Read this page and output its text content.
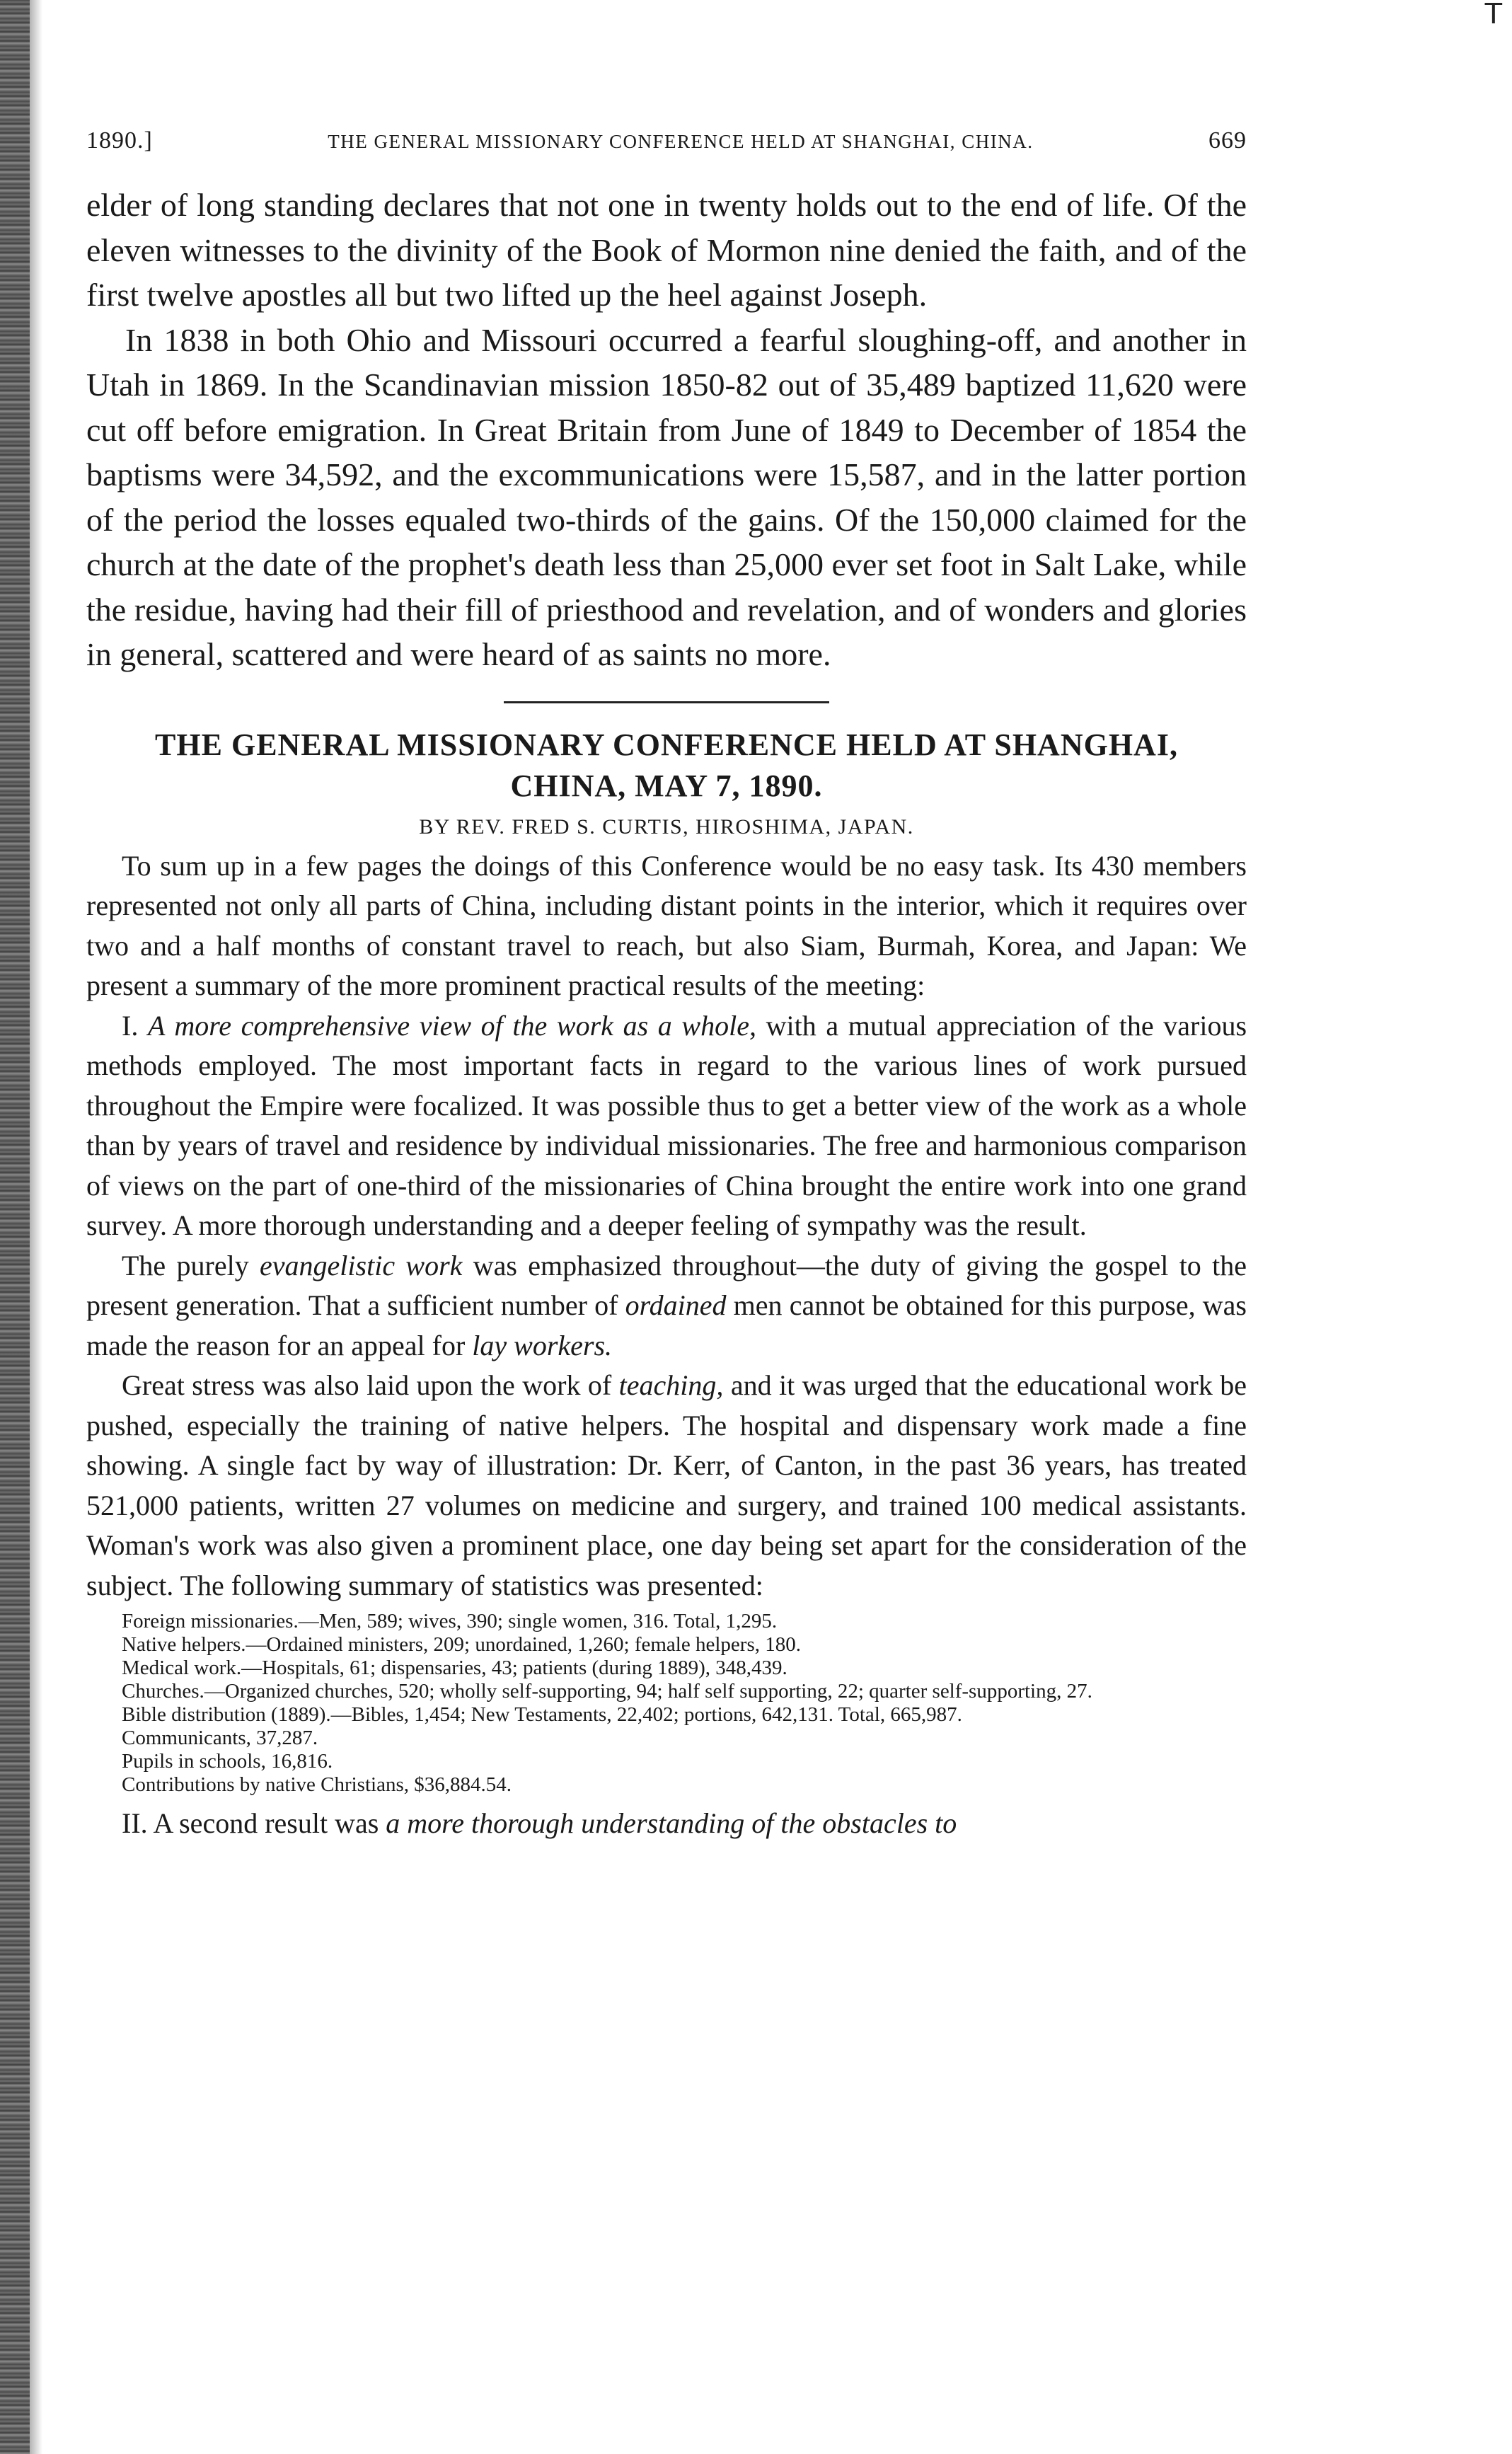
ꓔ
1890.]	THE GENERAL MISSIONARY CONFERENCE HELD AT SHANGHAI, CHINA.	669

elder of long standing declares that not one in twenty holds out to the end of life. Of the eleven witnesses to the divinity of the Book of Mormon nine denied the faith, and of the first twelve apostles all but two lifted up the heel against Joseph.

In 1838 in both Ohio and Missouri occurred a fearful sloughing-off, and another in Utah in 1869. In the Scandinavian mission 1850-82 out of 35,489 baptized 11,620 were cut off before emigration. In Great Britain from June of 1849 to December of 1854 the baptisms were 34,592, and the excommunications were 15,587, and in the latter portion of the period the losses equaled two-thirds of the gains. Of the 150,000 claimed for the church at the date of the prophet's death less than 25,000 ever set foot in Salt Lake, while the residue, having had their fill of priesthood and revelation, and of wonders and glories in general, scattered and were heard of as saints no more.

THE GENERAL MISSIONARY CONFERENCE HELD AT SHANGHAI,
CHINA, MAY 7, 1890.
BY REV. FRED S. CURTIS, HIROSHIMA, JAPAN.

To sum up in a few pages the doings of this Conference would be no easy task. Its 430 members represented not only all parts of China, including distant points in the interior, which it requires over two and a half months of constant travel to reach, but also Siam, Burmah, Korea, and Japan: We present a summary of the more prominent practical results of the meeting:

I. A more comprehensive view of the work as a whole, with a mutual appreciation of the various methods employed. The most important facts in regard to the various lines of work pursued throughout the Empire were focalized. It was possible thus to get a better view of the work as a whole than by years of travel and residence by individual missionaries. The free and harmonious comparison of views on the part of one-third of the missionaries of China brought the entire work into one grand survey. A more thorough understanding and a deeper feeling of sympathy was the result.

The purely evangelistic work was emphasized throughout—the duty of giving the gospel to the present generation. That a sufficient number of ordained men cannot be obtained for this purpose, was made the reason for an appeal for lay workers.

Great stress was also laid upon the work of teaching, and it was urged that the educational work be pushed, especially the training of native helpers. The hospital and dispensary work made a fine showing. A single fact by way of illustration: Dr. Kerr, of Canton, in the past 36 years, has treated 521,000 patients, written 27 volumes on medicine and surgery, and trained 100 medical assistants. Woman's work was also given a prominent place, one day being set apart for the consideration of the subject. The following summary of statistics was presented:

Foreign missionaries.—Men, 589; wives, 390; single women, 316. Total, 1,295.
Native helpers.—Ordained ministers, 209; unordained, 1,260; female helpers, 180.
Medical work.—Hospitals, 61; dispensaries, 43; patients (during 1889), 348,439.
Churches.—Organized churches, 520; wholly self-supporting, 94; half self supporting, 22; quarter self-supporting, 27.
Bible distribution (1889).—Bibles, 1,454; New Testaments, 22,402; portions, 642,131. Total, 665,987.
Communicants, 37,287.
Pupils in schools, 16,816.
Contributions by native Christians, $36,884.54.

II. A second result was a more thorough understanding of the obstacles to
